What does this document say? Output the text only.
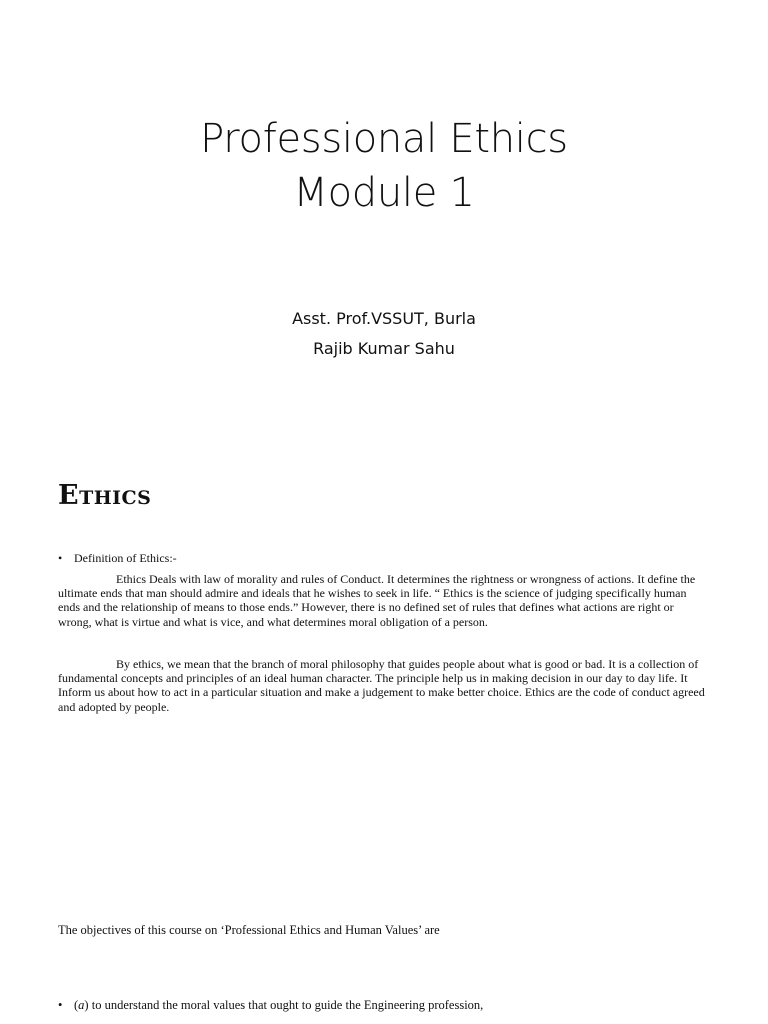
Professional Ethics
Module 1
Asst. Prof.VSSUT, Burla
Rajib Kumar Sahu
Ethics
• Definition of Ethics:-

Ethics Deals with law of morality and rules of Conduct. It determines the rightness or wrongness of actions. It define the ultimate ends that man should admire and ideals that he wishes to seek in life. “ Ethics is the science of judging specifically human ends and the relationship of means to those ends.” However, there is no defined set of rules that defines what actions are right or wrong, what is virtue and what is vice, and what determines moral obligation of a person.

By ethics, we mean that the branch of moral philosophy that guides people about what is good or bad. It is a collection of fundamental concepts and principles of an ideal human character. The principle help us in making decision in our day to day life. It Inform us about how to act in a particular situation and make a judgement to make better choice. Ethics are the code of conduct agreed and adopted by people.

The objectives of this course on ‘Professional Ethics and Human Values’ are
• (a) to understand the moral values that ought to guide the Engineering profession,
